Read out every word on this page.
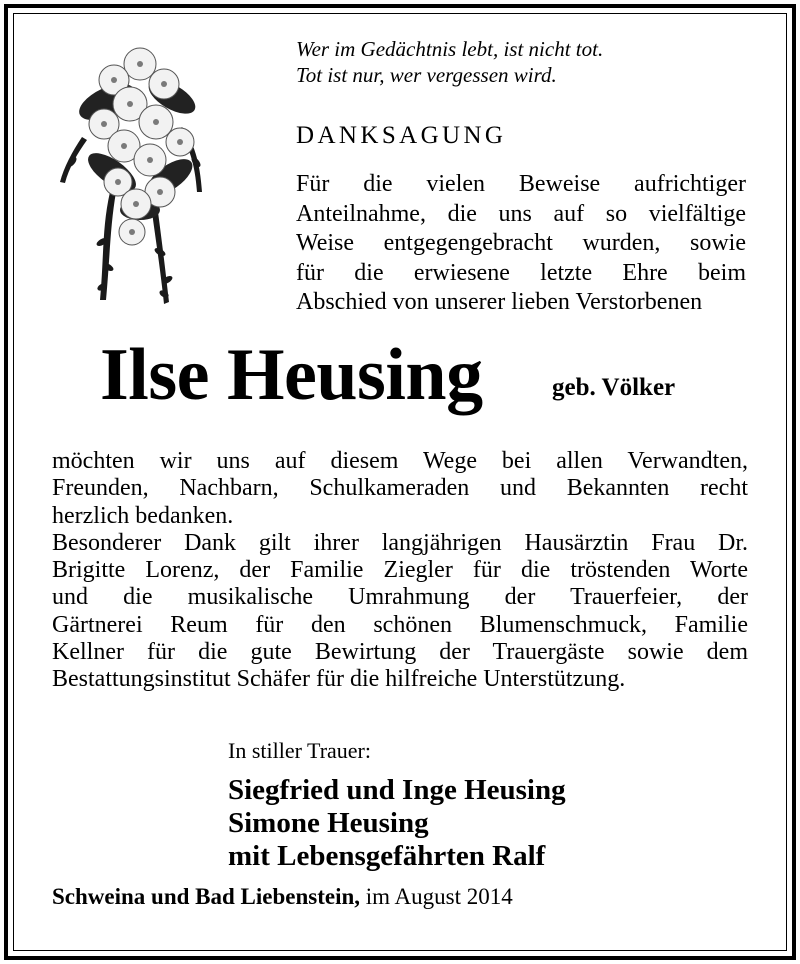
Wer im Gedächtnis lebt, ist nicht tot.
Tot ist nur, wer vergessen wird.
DANKSAGUNG
Für die vielen Beweise aufrichtiger
Anteilnahme, die uns auf so vielfältige
Weise entgegengebracht wurden, sowie
für die erwiesene letzte Ehre beim
Abschied von unserer lieben Verstorbenen
Ilse Heusing	geb. Völker
möchten wir uns auf diesem Wege bei allen Verwandten,
Freunden, Nachbarn, Schulkameraden und Bekannten recht
herzlich bedanken.
Besonderer Dank gilt ihrer langjährigen Hausärztin Frau Dr.
Brigitte Lorenz, der Familie Ziegler für die tröstenden Worte
und die musikalische Umrahmung der Trauerfeier, der
Gärtnerei Reum für den schönen Blumenschmuck, Familie
Kellner für die gute Bewirtung der Trauergäste sowie dem
Bestattungsinstitut Schäfer für die hilfreiche Unterstützung.
In stiller Trauer:
Siegfried und Inge Heusing
Simone Heusing
mit Lebensgefährten Ralf
Schweina und Bad Liebenstein, im August 2014
